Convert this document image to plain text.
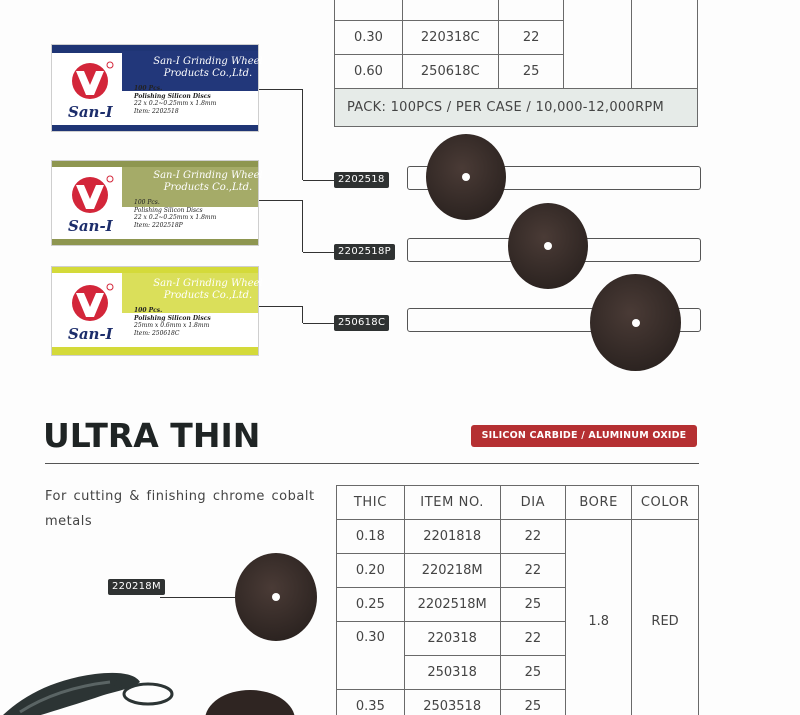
0.30	220318C	22		
0.60	250618C	25		
PACK: 100PCS / PER CASE / 10,000-12,000RPM				
San-I
San-I Grinding Wheel Products Co.,Ltd.
100 Pcs.
Polishing Silicon Discs
22 x 0.2~0.25mm x 1.8mm
Item: 2202518
San-I
San-I Grinding Wheel Products Co.,Ltd.
100 Pcs.
Polishing Silicon Discs
22 x 0.2~0.25mm x 1.8mm
Item: 2202518P
San-I
San-I Grinding Wheel Products Co.,Ltd.
100 Pcs.
Polishing Silicon Discs
25mm x 0.6mm x 1.8mm
Item: 250618C
2202518
2202518P
250618C
ULTRA THIN	SILICON CARBIDE / ALUMINUM OXIDE
For cutting & finishing chrome cobalt metals
220218M
THIC	ITEM NO.	DIA	BORE	COLOR
0.18	2201818	22	1.8	RED
0.20	220218M	22		
0.25	2202518M	25		
0.30	220318	22		
	250318	25		
0.35	2503518	25		
